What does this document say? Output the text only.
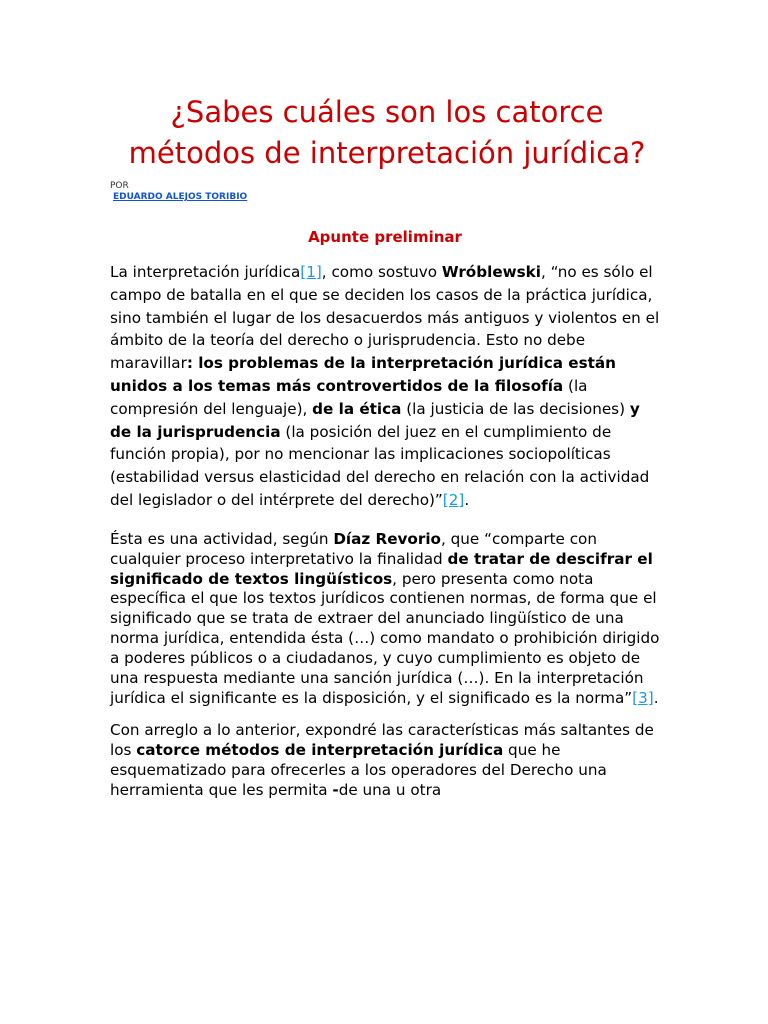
¿Sabes cuáles son los catorce métodos de interpretación jurídica?
POR
EDUARDO ALEJOS TORIBIO
Apunte preliminar

La interpretación jurídica[1], como sostuvo Wróblewski, “no es sólo el campo de batalla en el que se deciden los casos de la práctica jurídica, sino también el lugar de los desacuerdos más antiguos y violentos en el ámbito de la teoría del derecho o jurisprudencia. Esto no debe maravillar: los problemas de la interpretación jurídica están unidos a los temas más controvertidos de la filosofía (la compresión del lenguaje), de la ética (la justicia de las decisiones) y de la jurisprudencia (la posición del juez en el cumplimiento de función propia), por no mencionar las implicaciones sociopolíticas (estabilidad versus elasticidad del derecho en relación con la actividad del legislador o del intérprete del derecho)”[2].

Ésta es una actividad, según Díaz Revorio, que “comparte con cualquier proceso interpretativo la finalidad de tratar de descifrar el significado de textos lingüísticos, pero presenta como nota específica el que los textos jurídicos contienen normas, de forma que el significado que se trata de extraer del anunciado lingüístico de una norma jurídica, entendida ésta (…) como mandato o prohibición dirigido a poderes públicos o a ciudadanos, y cuyo cumplimiento es objeto de una respuesta mediante una sanción jurídica (…). En la interpretación jurídica el significante es la disposición, y el significado es la norma”[3].

Con arreglo a lo anterior, expondré las características más saltantes de los catorce métodos de interpretación jurídica que he esquematizado para ofrecerles a los operadores del Derecho una herramienta que les permita -de una u otra
